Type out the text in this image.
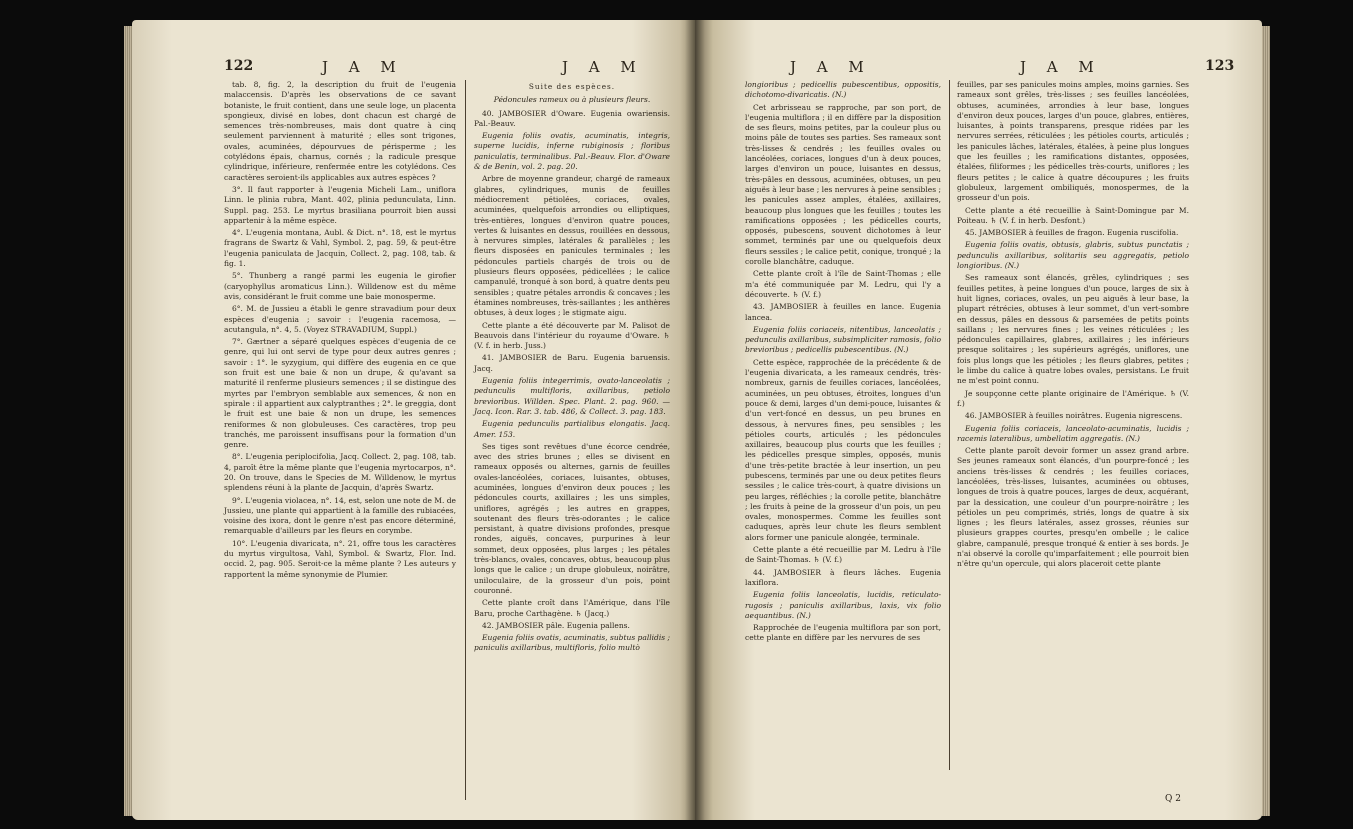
122	J A M	J A M

tab. 8, fig. 2, la description du fruit de l'eugenia malaccensis. D'après les observations de ce savant botaniste, le fruit contient, dans une seule loge, un placenta spongieux, divisé en lobes, dont chacun est chargé de semences très-nombreuses, mais dont quatre à cinq seulement parviennent à maturité ; elles sont trigones, ovales, acuminées, dépourvues de périsperme ; les cotylédons épais, charnus, cornés ; la radicule presque cylindrique, inférieure, renfermée entre les cotylédons. Ces caractères seroient-ils applicables aux autres espèces ?

3°. Il faut rapporter à l'eugenia Micheli Lam., uniflora Linn. le plinia rubra, Mant. 402, plinia pedunculata, Linn. Suppl. pag. 253. Le myrtus brasiliana pourroit bien aussi appartenir à la même espèce.

4°. L'eugenia montana, Aubl. & Dict. n°. 18, est le myrtus fragrans de Swartz & Vahl, Symbol. 2, pag. 59, & peut-être l'eugenia paniculata de Jacquin, Collect. 2, pag. 108, tab. & fig. 1.

5°. Thunberg a rangé parmi les eugenia le girofier (caryophyllus aromaticus Linn.). Willdenow est du même avis, considérant le fruit comme une baie monosperme.

6°. M. de Jussieu a établi le genre stravadium pour deux espèces d'eugenia ; savoir : l'eugenia racemosa, — acutangula, n°. 4, 5. (Voyez STRAVADIUM, Suppl.)

7°. Gærtner a séparé quelques espèces d'eugenia de ce genre, qui lui ont servi de type pour deux autres genres ; savoir : 1°. le syzygium, qui diffère des eugenia en ce que son fruit est une baie & non un drupe, & qu'avant sa maturité il renferme plusieurs semences ; il se distingue des myrtes par l'embryon semblable aux semences, & non en spirale : il appartient aux calyptranthes ; 2°. le greggia, dont le fruit est une baie & non un drupe, les semences reniformes & non globuleuses. Ces caractères, trop peu tranchés, me paroissent insuffisans pour la formation d'un genre.

8°. L'eugenia periplocifolia, Jacq. Collect. 2, pag. 108, tab. 4, paroît être la même plante que l'eugenia myrtocarpos, n°. 20. On trouve, dans le Species de M. Willdenow, le myrtus splendens réuni à la plante de Jacquin, d'après Swartz.

9°. L'eugenia violacea, n°. 14, est, selon une note de M. de Jussieu, une plante qui appartient à la famille des rubiacées, voisine des ixora, dont le genre n'est pas encore déterminé, remarquable d'ailleurs par les fleurs en corymbe.

10°. L'eugenia divaricata, n°. 21, offre tous les caractères du myrtus virgultosa, Vahl, Symbol. & Swartz, Flor. Ind. occid. 2, pag. 905. Seroit-ce la même plante ? Les auteurs y rapportent la même synonymie de Plumier.

Suite des espèces.

Pédoncules rameux ou à plusieurs fleurs.

40. JAMBOSIER d'Oware. Eugenia owariensis. Pal.-Beauv.

Eugenia foliis ovatis, acuminatis, integris, superne lucidis, inferne rubiginosis ; floribus paniculatis, terminalibus. Pal.-Beauv. Flor. d'Oware & de Benin, vol. 2. pag. 20.

Arbre de moyenne grandeur, chargé de rameaux glabres, cylindriques, munis de feuilles médiocrement pétiolées, coriaces, ovales, acuminées, quelquefois arrondies ou elliptiques, très-entières, longues d'environ quatre pouces, vertes & luisantes en dessus, rouillées en dessous, à nervures simples, latérales & parallèles ; les fleurs disposées en panicules terminales ; les pédoncules partiels chargés de trois ou de plusieurs fleurs opposées, pédicellées ; le calice campanulé, tronqué à son bord, à quatre dents peu sensibles ; quatre pétales arrondis & concaves ; les étamines nombreuses, très-saillantes ; les anthères obtuses, à deux loges ; le stigmate aigu.

Cette plante a été découverte par M. Palisot de Beauvois dans l'intérieur du royaume d'Oware. ♄ (V. f. in herb. Juss.)

41. JAMBOSIER de Baru. Eugenia baruensis. Jacq.

Eugenia foliis integerrimis, ovato-lanceolatis ; pedunculis multifloris, axillaribus, petiolo brevioribus. Willden. Spec. Plant. 2. pag. 960. — Jacq. Icon. Rar. 3. tab. 486, & Collect. 3. pag. 183.

Eugenia pedunculis partialibus elongatis. Jacq. Amer. 153.

Ses tiges sont revêtues d'une écorce cendrée, avec des stries brunes ; elles se divisent en rameaux opposés ou alternes, garnis de feuilles ovales-lancéolées, coriaces, luisantes, obtuses, acuminées, longues d'environ deux pouces ; les pédoncules courts, axillaires ; les uns simples, uniflores, agrégés ; les autres en grappes, soutenant des fleurs très-odorantes ; le calice persistant, à quatre divisions profondes, presque rondes, aiguës, concaves, purpurines à leur sommet, deux opposées, plus larges ; les pétales très-blancs, ovales, concaves, obtus, beaucoup plus longs que le calice ; un drupe globuleux, noirâtre, uniloculaire, de la grosseur d'un pois, point couronné.

Cette plante croît dans l'Amérique, dans l'île Baru, proche Carthagène. ♄ (Jacq.)

42. JAMBOSIER pâle. Eugenia pallens.

Eugenia foliis ovatis, acuminatis, subtus pallidis ; paniculis axillaribus, multifloris, folio multò

J A M	J A M	123

longioribus ; pedicellis pubescentibus, oppositis, dichotomo-divaricatis. (N.)

Cet arbrisseau se rapproche, par son port, de l'eugenia multiflora ; il en diffère par la disposition de ses fleurs, moins petites, par la couleur plus ou moins pâle de toutes ses parties. Ses rameaux sont très-lisses & cendrés ; les feuilles ovales ou lancéolées, coriaces, longues d'un à deux pouces, larges d'environ un pouce, luisantes en dessus, très-pâles en dessous, acuminées, obtuses, un peu aiguës à leur base ; les nervures à peine sensibles ; les panicules assez amples, étalées, axillaires, beaucoup plus longues que les feuilles ; toutes les ramifications opposées ; les pédicelles courts, opposés, pubescens, souvent dichotomes à leur sommet, terminés par une ou quelquefois deux fleurs sessiles ; le calice petit, conique, tronqué ; la corolle blanchâtre, caduque.

Cette plante croît à l'île de Saint-Thomas ; elle m'a été communiquée par M. Ledru, qui l'y a découverte. ♄ (V. f.)

43. JAMBOSIER à feuilles en lance. Eugenia lancea.

Eugenia foliis coriaceis, nitentibus, lanceolatis ; pedunculis axillaribus, subsimpliciter ramosis, folio brevioribus ; pedicellis pubescentibus. (N.)

Cette espèce, rapprochée de la précédente & de l'eugenia divaricata, a les rameaux cendrés, très-nombreux, garnis de feuilles coriaces, lancéolées, acuminées, un peu obtuses, étroites, longues d'un pouce & demi, larges d'un demi-pouce, luisantes & d'un vert-foncé en dessus, un peu brunes en dessous, à nervures fines, peu sensibles ; les pétioles courts, articulés ; les pédoncules axillaires, beaucoup plus courts que les feuilles ; les pédicelles presque simples, opposés, munis d'une très-petite bractée à leur insertion, un peu pubescens, terminés par une ou deux petites fleurs sessiles ; le calice très-court, à quatre divisions un peu larges, réfléchies ; la corolle petite, blanchâtre ; les fruits à peine de la grosseur d'un pois, un peu ovales, monospermes. Comme les feuilles sont caduques, après leur chute les fleurs semblent alors former une panicule alongée, terminale.

Cette plante a été recueillie par M. Ledru à l'île de Saint-Thomas. ♄ (V. f.)

44. JAMBOSIER à fleurs lâches. Eugenia laxiflora.

Eugenia foliis lanceolatis, lucidis, reticulato-rugosis ; paniculis axillaribus, laxis, vix folio aequantibus. (N.)

Rapprochée de l'eugenia multiflora par son port, cette plante en diffère par les nervures de ses

feuilles, par ses panicules moins amples, moins garnies. Ses rameaux sont grêles, très-lisses ; ses feuilles lancéolées, obtuses, acuminées, arrondies à leur base, longues d'environ deux pouces, larges d'un pouce, glabres, entières, luisantes, à points transparens, presque ridées par les nervures serrées, réticulées ; les pétioles courts, articulés ; les panicules lâches, latérales, étalées, à peine plus longues que les feuilles ; les ramifications distantes, opposées, étalées, filiformes ; les pédicelles très-courts, uniflores ; les fleurs petites ; le calice à quatre découpures ; les fruits globuleux, largement ombiliqués, monospermes, de la grosseur d'un pois.

Cette plante a été recueillie à Saint-Domingue par M. Poiteau. ♄ (V. f. in herb. Desfont.)

45. JAMBOSIER à feuilles de fragon. Eugenia ruscifolia.

Eugenia foliis ovatis, obtusis, glabris, subtus punctatis ; pedunculis axillaribus, solitariis seu aggregatis, petiolo longioribus. (N.)

Ses rameaux sont élancés, grêles, cylindriques ; ses feuilles petites, à peine longues d'un pouce, larges de six à huit lignes, coriaces, ovales, un peu aiguës à leur base, la plupart rétrécies, obtuses à leur sommet, d'un vert-sombre en dessus, pâles en dessous & parsemées de petits points saillans ; les nervures fines ; les veines réticulées ; les pédoncules capillaires, glabres, axillaires ; les inférieurs presque solitaires ; les supérieurs agrégés, uniflores, une fois plus longs que les pétioles ; les fleurs glabres, petites ; le limbe du calice à quatre lobes ovales, persistans. Le fruit ne m'est point connu.

Je soupçonne cette plante originaire de l'Amérique. ♄ (V. f.)

46. JAMBOSIER à feuilles noirâtres. Eugenia nigrescens.

Eugenia foliis coriaceis, lanceolato-acuminatis, lucidis ; racemis lateralibus, umbellatim aggregatis. (N.)

Cette plante paroît devoir former un assez grand arbre. Ses jeunes rameaux sont élancés, d'un pourpre-foncé ; les anciens très-lisses & cendrés ; les feuilles coriaces, lancéolées, très-lisses, luisantes, acuminées ou obtuses, longues de trois à quatre pouces, larges de deux, acquérant, par la dessication, une couleur d'un pourpre-noirâtre ; les pétioles un peu comprimés, striés, longs de quatre à six lignes ; les fleurs latérales, assez grosses, réunies sur plusieurs grappes courtes, presqu'en ombelle ; le calice glabre, campanulé, presque tronqué & entier à ses bords. Je n'ai observé la corolle qu'imparfaitement ; elle pourroit bien n'être qu'un opercule, qui alors placeroit cette plante

Q 2
